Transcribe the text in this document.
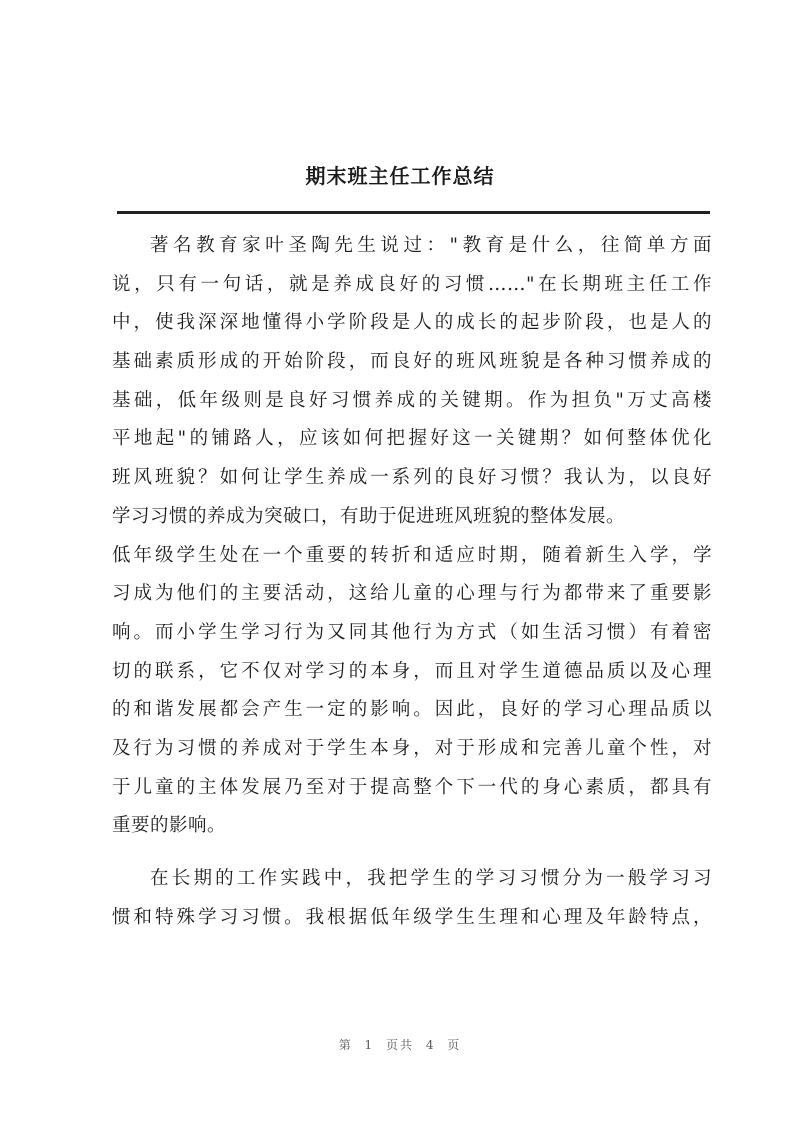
期末班主任工作总结
著名教育家叶圣陶先生说过："教育是什么，往简单方面
说，只有一句话，就是养成良好的习惯……"在长期班主任工作
中，使我深深地懂得小学阶段是人的成长的起步阶段，也是人的
基础素质形成的开始阶段，而良好的班风班貌是各种习惯养成的
基础，低年级则是良好习惯养成的关键期。作为担负"万丈高楼
平地起"的铺路人，应该如何把握好这一关键期？如何整体优化
班风班貌？如何让学生养成一系列的良好习惯？我认为，以良好
学习习惯的养成为突破口，有助于促进班风班貌的整体发展。
低年级学生处在一个重要的转折和适应时期，随着新生入学，学
习成为他们的主要活动，这给儿童的心理与行为都带来了重要影
响。而小学生学习行为又同其他行为方式（如生活习惯）有着密
切的联系，它不仅对学习的本身，而且对学生道德品质以及心理
的和谐发展都会产生一定的影响。因此，良好的学习心理品质以
及行为习惯的养成对于学生本身，对于形成和完善儿童个性，对
于儿童的主体发展乃至对于提高整个下一代的身心素质，都具有
重要的影响。
在长期的工作实践中，我把学生的学习习惯分为一般学习习
惯和特殊学习习惯。我根据低年级学生生理和心理及年龄特点，
第 1 页共 4 页
